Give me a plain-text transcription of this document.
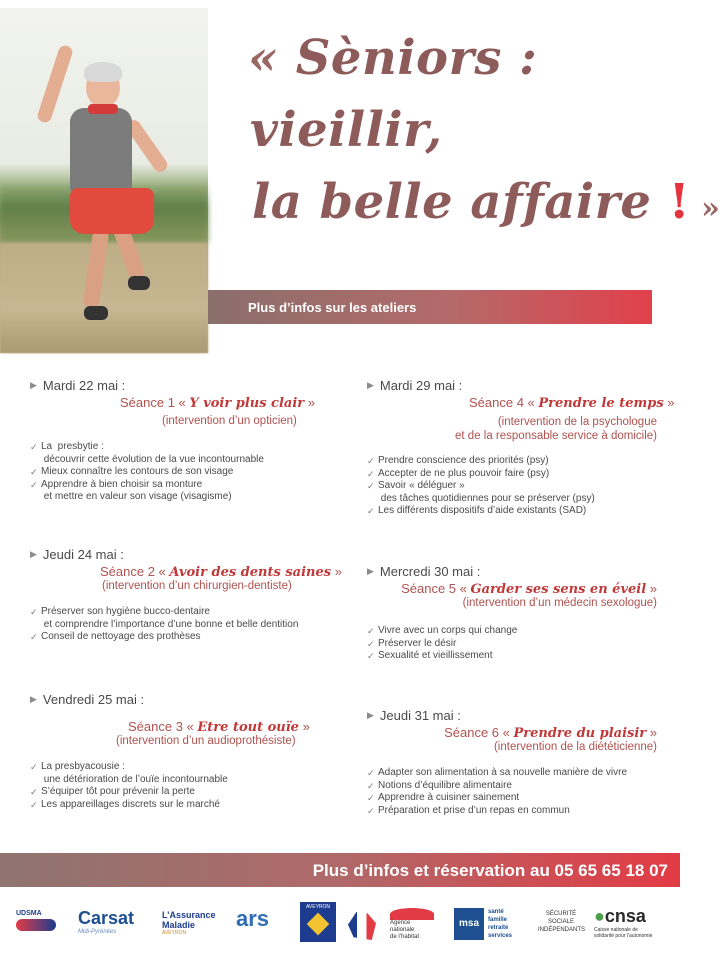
« Sèniors :
vieillir,
la belle affaire ! »
Plus d’infos sur les ateliers
▶ Mardi 22 mai :
Séance 1 « Y voir plus clair »
(intervention d’un opticien)
✓ La  presbytie :
découvrir cette évolution de la vue incontournable
✓ Mieux connaître les contours de son visage
✓ Apprendre à bien choisir sa monture
et mettre en valeur son visage (visagisme)
▶ Jeudi 24 mai :
Séance 2 « Avoir des dents saines »
(intervention d’un chirurgien-dentiste)
✓ Préserver son hygiène bucco-dentaire
et comprendre l’importance d’une bonne et belle dentition
✓ Conseil de nettoyage des prothèses
▶ Vendredi 25 mai :
Séance 3 « Etre tout ouïe »
(intervention d’un audioprothésiste)
✓ La presbyacousie :
une détérioration de l’ouïe incontournable
✓ S’équiper tôt pour prévenir la perte
✓ Les appareillages discrets sur le marché
▶ Mardi 29 mai :
Séance 4 « Prendre le temps »
(intervention de la psychologue
et de la responsable service à domicile)
✓ Prendre conscience des priorités (psy)
✓ Accepter de ne plus pouvoir faire (psy)
✓ Savoir « déléguer »
des tâches quotidiennes pour se préserver (psy)
✓ Les différents dispositifs d’aide existants (SAD)
▶ Mercredi 30 mai :
Séance 5 « Garder ses sens en éveil »
(intervention d’un médecin sexologue)
✓ Vivre avec un corps qui change
✓ Préserver le désir
✓ Sexualité et vieillissement
▶ Jeudi 31 mai :
Séance 6 « Prendre du plaisir »
(intervention de la diététicienne)
✓ Adapter son alimentation à sa nouvelle manière de vivre
✓ Notions d’équilibre alimentaire
✓ Apprendre à cuisiner sainement
✓ Préparation et prise d’un repas en commun
Plus d’infos et réservation au 05 65 65 18 07
UDSMA	Carsat
Midi-Pyrénées
L’Assurance
Maladie
AVEYRON
ars	AVEYRON
Agence
nationale
de l’habitat
msa
santé
famille
retraite
services
SÉCURITÉ
SOCIALE
INDÉPENDANTS
●cnsa
Caisse nationale de
solidarité pour l’autonomie
